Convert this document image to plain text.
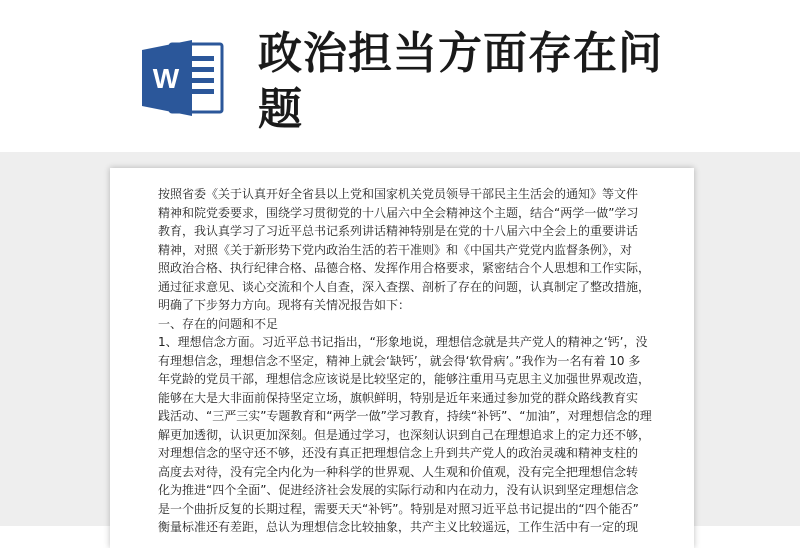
W 政治担当方面存在问
题
按照省委《关于认真开好全省县以上党和国家机关党员领导干部民主生活会的通知》等文件
精神和院党委要求，围绕学习贯彻党的十八届六中全会精神这个主题，结合“两学一做”学习
教育，我认真学习了习近平总书记系列讲话精神特别是在党的十八届六中全会上的重要讲话
精神，对照《关于新形势下党内政治生活的若干准则》和《中国共产党党内监督条例》，对
照政治合格、执行纪律合格、品德合格、发挥作用合格要求，紧密结合个人思想和工作实际，
通过征求意见、谈心交流和个人自查，深入查摆、剖析了存在的问题，认真制定了整改措施，
明确了下步努力方向。现将有关情况报告如下：
一、存在的问题和不足
1、理想信念方面。习近平总书记指出，“形象地说，理想信念就是共产党人的精神之‘钙’，没
有理想信念，理想信念不坚定，精神上就会‘缺钙’，就会得‘软骨病’。”我作为一名有着 10 多
年党龄的党员干部，理想信念应该说是比较坚定的，能够注重用马克思主义加强世界观改造，
能够在大是大非面前保持坚定立场，旗帜鲜明，特别是近年来通过参加党的群众路线教育实
践活动、“三严三实”专题教育和“两学一做”学习教育，持续“补钙”、“加油”，对理想信念的理
解更加透彻，认识更加深刻。但是通过学习，也深刻认识到自己在理想追求上的定力还不够，
对理想信念的坚守还不够，还没有真正把理想信念上升到共产党人的政治灵魂和精神支柱的
高度去对待，没有完全内化为一种科学的世界观、人生观和价值观，没有完全把理想信念转
化为推进“四个全面”、促进经济社会发展的实际行动和内在动力，没有认识到坚定理想信念
是一个曲折反复的长期过程，需要天天“补钙”。特别是对照习近平总书记提出的“四个能否”
衡量标准还有差距，总认为理想信念比较抽象，共产主义比较遥远，工作生活中有一定的现
